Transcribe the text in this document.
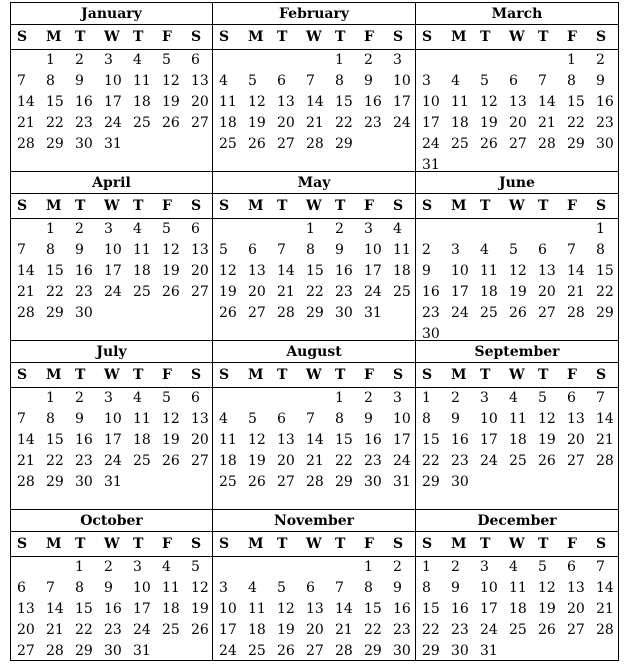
January
S M T W T F S
1 2 3 4 5 6
7 8 9 10 11 12 13
14 15 16 17 18 19 20
21 22 23 24 25 26 27
28 29 30 31
February
S M T W T F S
1 2 3
4 5 6 7 8 9 10
11 12 13 14 15 16 17
18 19 20 21 22 23 24
25 26 27 28 29
March
S M T W T F S
1 2
3 4 5 6 7 8 9
10 11 12 13 14 15 16
17 18 19 20 21 22 23
24 25 26 27 28 29 30
31
April
S M T W T F S
1 2 3 4 5 6
7 8 9 10 11 12 13
14 15 16 17 18 19 20
21 22 23 24 25 26 27
28 29 30
May
S M T W T F S
1 2 3 4
5 6 7 8 9 10 11
12 13 14 15 16 17 18
19 20 21 22 23 24 25
26 27 28 29 30 31
June
S M T W T F S
1
2 3 4 5 6 7 8
9 10 11 12 13 14 15
16 17 18 19 20 21 22
23 24 25 26 27 28 29
30
July
S M T W T F S
1 2 3 4 5 6
7 8 9 10 11 12 13
14 15 16 17 18 19 20
21 22 23 24 25 26 27
28 29 30 31
August
S M T W T F S
1 2 3
4 5 6 7 8 9 10
11 12 13 14 15 16 17
18 19 20 21 22 23 24
25 26 27 28 29 30 31
September
S M T W T F S
1 2 3 4 5 6 7
8 9 10 11 12 13 14
15 16 17 18 19 20 21
22 23 24 25 26 27 28
29 30
October
S M T W T F S
1 2 3 4 5
6 7 8 9 10 11 12
13 14 15 16 17 18 19
20 21 22 23 24 25 26
27 28 29 30 31
November
S M T W T F S
1 2
3 4 5 6 7 8 9
10 11 12 13 14 15 16
17 18 19 20 21 22 23
24 25 26 27 28 29 30
December
S M T W T F S
1 2 3 4 5 6 7
8 9 10 11 12 13 14
15 16 17 18 19 20 21
22 23 24 25 26 27 28
29 30 31
